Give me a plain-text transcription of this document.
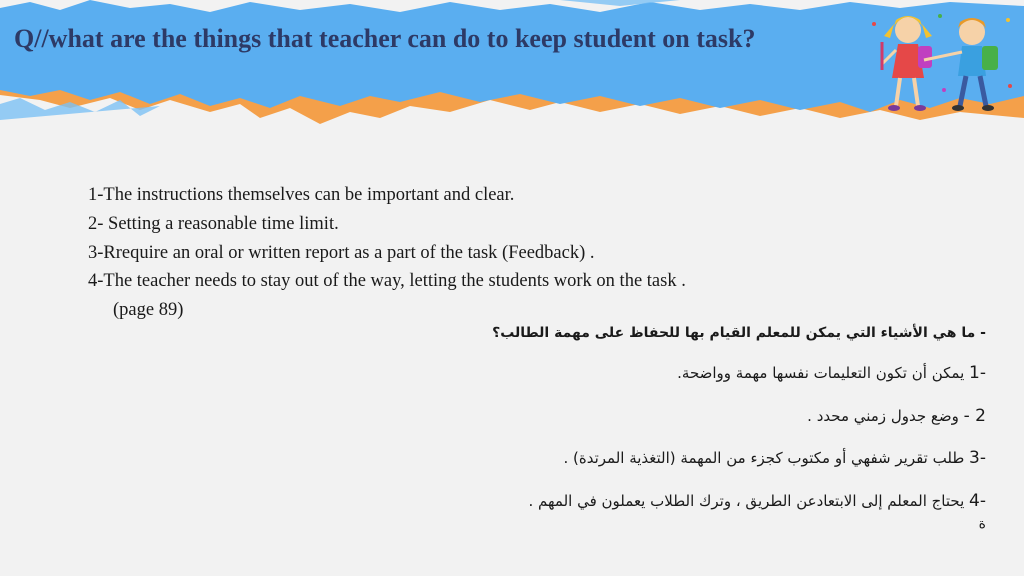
Q//what are the things that teacher can do to keep student on task?
1-The instructions themselves can be important and clear.
2- Setting a reasonable time limit.
3-Rrequire an oral or written report as a part of the task (Feedback) .
4-The teacher needs to stay out of the way, letting the students work on the task .
(page 89)
- ما هي الأشياء التي يمكن للمعلم القيام بها للحفاظ على مهمة الطالب؟
-1 يمكن أن تكون التعليمات نفسها مهمة وواضحة.
2 - وضع جدول زمني محدد .
-3 طلب تقرير شفهي أو مكتوب كجزء من المهمة (التغذية المرتدة) .
-4 يحتاج المعلم إلى الابتعادعن الطريق ، وترك الطلاب يعملون في المهم .
ة
